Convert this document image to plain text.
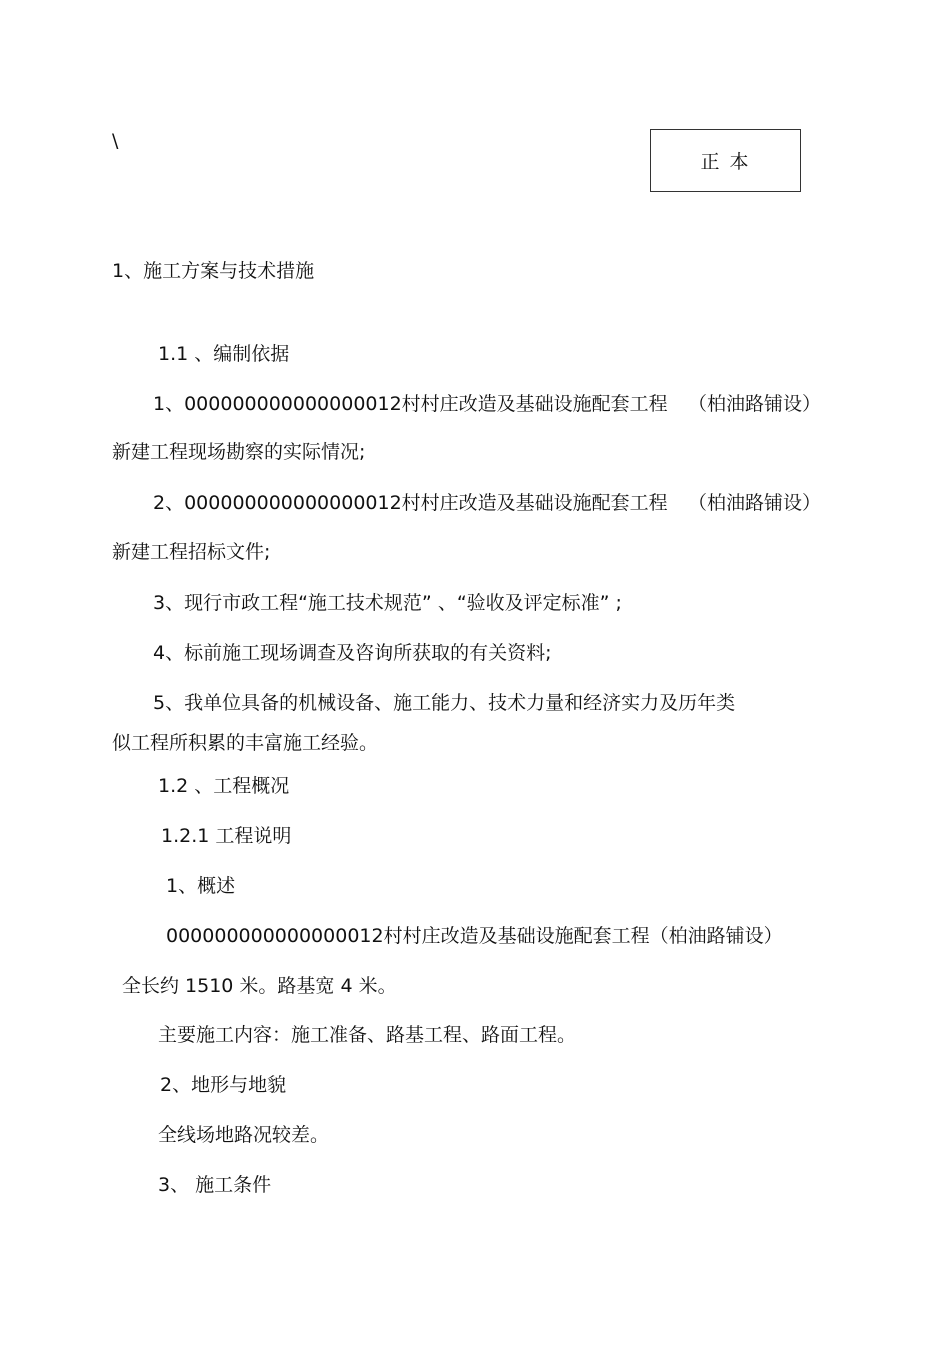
\
正本
1、施工方案与技术措施
1.1 、编制依据
1、000000000000000012村村庄改造及基础设施配套工程 （柏油路铺设）
新建工程现场勘察的实际情况;
2、000000000000000012村村庄改造及基础设施配套工程 （柏油路铺设）
新建工程招标文件;
3、现行市政工程“施工技术规范” 、“验收及评定标准” ;
4、标前施工现场调查及咨询所获取的有关资料;
5、我单位具备的机械设备、施工能力、技术力量和经济实力及历年类
似工程所积累的丰富施工经验。
1.2 、工程概况
1.2.1 工程说明
1、概述
000000000000000012村村庄改造及基础设施配套工程（柏油路铺设）
全长约 1510 米。路基宽 4 米。
主要施工内容：施工准备、路基工程、路面工程。
2、地形与地貌
全线场地路况较差。
3、 施工条件
